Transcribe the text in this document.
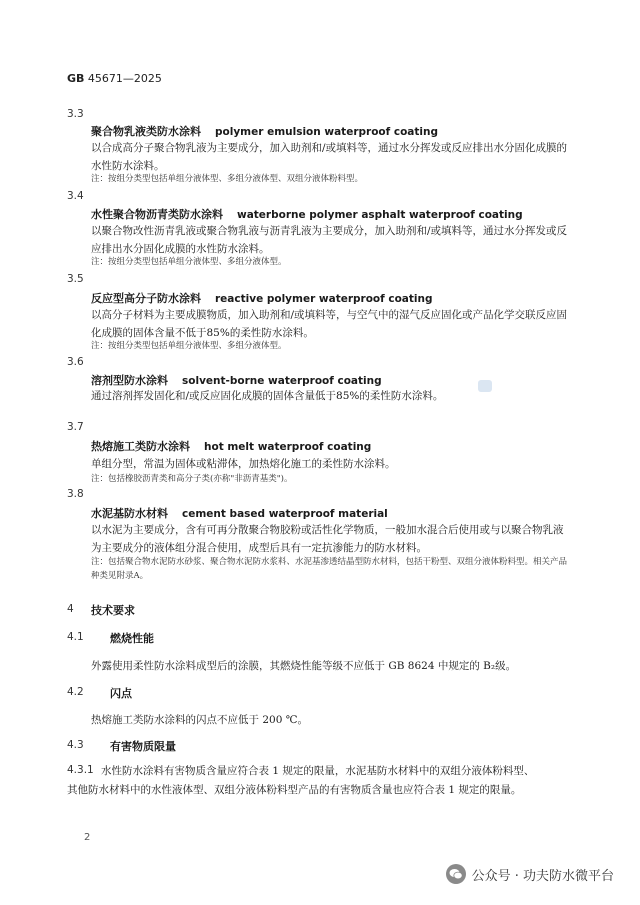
GB 45671—2025
3.3
聚合物乳液类防水涂料 polymer emulsion waterproof coating
以合成高分子聚合物乳液为主要成分，加入助剂和/或填料等，通过水分挥发或反应排出水分固化成膜的水性防水涂料。
注：按组分类型包括单组分液体型、多组分液体型、双组分液体粉料型。
3.4
水性聚合物沥青类防水涂料 waterborne polymer asphalt waterproof coating
以聚合物改性沥青乳液或聚合物乳液与沥青乳液为主要成分，加入助剂和/或填料等，通过水分挥发或反应排出水分固化成膜的水性防水涂料。
注：按组分类型包括单组分液体型、多组分液体型。
3.5
反应型高分子防水涂料 reactive polymer waterproof coating
以高分子材料为主要成膜物质，加入助剂和/或填料等，与空气中的湿气反应固化或产品化学交联反应固化成膜的固体含量不低于85%的柔性防水涂料。
注：按组分类型包括单组分液体型、多组分液体型。
3.6
溶剂型防水涂料 solvent-borne waterproof coating
通过溶剂挥发固化和/或反应固化成膜的固体含量低于85%的柔性防水涂料。
3.7
热熔施工类防水涂料 hot melt waterproof coating
单组分型，常温为固体或粘滞体，加热熔化施工的柔性防水涂料。
注：包括橡胶沥青类和高分子类(亦称"非沥青基类")。
3.8
水泥基防水材料 cement based waterproof material
以水泥为主要成分，含有可再分散聚合物胶粉或活性化学物质，一般加水混合后使用或与以聚合物乳液为主要成分的液体组分混合使用，成型后具有一定抗渗能力的防水材料。
注：包括聚合物水泥防水砂浆、聚合物水泥防水浆料、水泥基渗透结晶型防水材料，包括干粉型、双组分液体粉料型。相关产品种类见附录A。
4 技术要求
4.1 燃烧性能
外露使用柔性防水涂料成型后的涂膜，其燃烧性能等级不应低于 GB 8624 中规定的 B₂级。
4.2 闪点
热熔施工类防水涂料的闪点不应低于 200 ℃。
4.3 有害物质限量
4.3.1 水性防水涂料有害物质含量应符合表 1 规定的限量，水泥基防水材料中的双组分液体粉料型、
其他防水材料中的水性液体型、双组分液体粉料型产品的有害物质含量也应符合表 1 规定的限量。
2
公众号 · 功夫防水微平台
